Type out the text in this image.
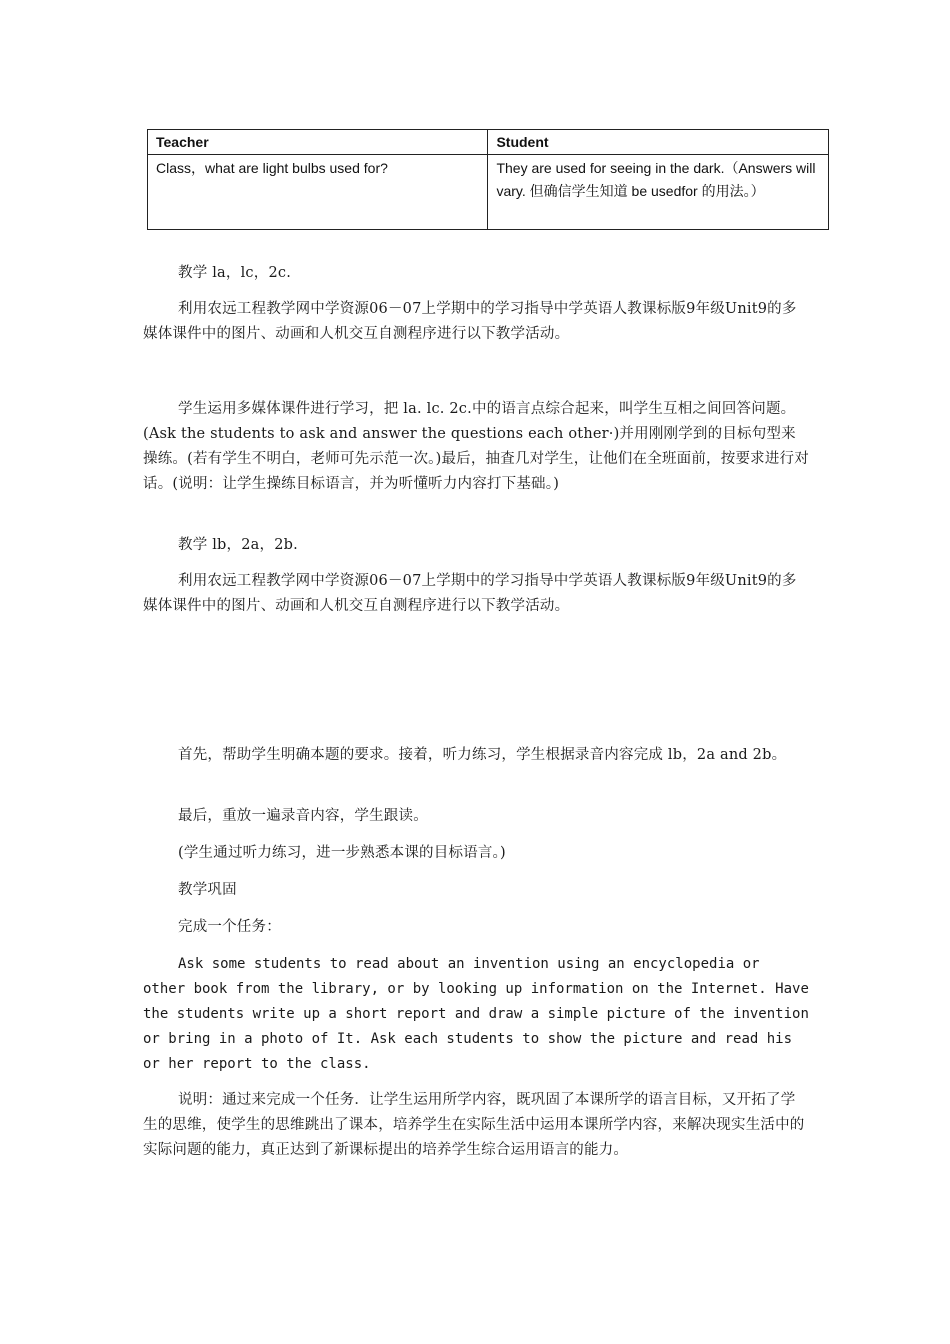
Teacher	Student
Class，what are light bulbs used for?	They are used for seeing in the dark.（Answers will vary. 但确信学生知道 be usedfor 的用法。）

教学 la，lc，2c.

利用农远工程教学网中学资源06－07上学期中的学习指导中学英语人教课标版9年级Unit9的多媒体课件中的图片、动画和人机交互自测程序进行以下教学活动。

学生运用多媒体课件进行学习，把 la. lc. 2c.中的语言点综合起来，叫学生互相之间回答问题。(Ask the students to ask and answer the questions each other·)并用刚刚学到的目标句型来操练。(若有学生不明白，老师可先示范一次。)最后，抽査几对学生，让他们在全班面前，按要求进行对话。(说明：让学生操练目标语言，并为听懂听力内容打下基础。)

教学 lb，2a，2b.

利用农远工程教学网中学资源06－07上学期中的学习指导中学英语人教课标版9年级Unit9的多媒体课件中的图片、动画和人机交互自测程序进行以下教学活动。

首先，帮助学生明确本题的要求。接着，听力练习，学生根据录音内容完成 lb，2a and 2b。

最后，重放一遍录音内容，学生跟读。

(学生通过听力练习，进一步熟悉本课的目标语言。)

教学巩固

完成一个任务：

Ask some students to read about an invention using an encyclopedia or other book from the library, or by looking up information on the Internet. Have the students write up a short report and draw a simple picture of the invention or bring in a photo of It. Ask each students to show the picture and read his or her report to the class.

说明：通过来完成一个任务．让学生运用所学内容，既巩固了本课所学的语言目标，又开拓了学生的思维，使学生的思维跳出了课本，培养学生在实际生活中运用本课所学内容，来解决现实生活中的实际问题的能力，真正达到了新课标提出的培养学生综合运用语言的能力。
